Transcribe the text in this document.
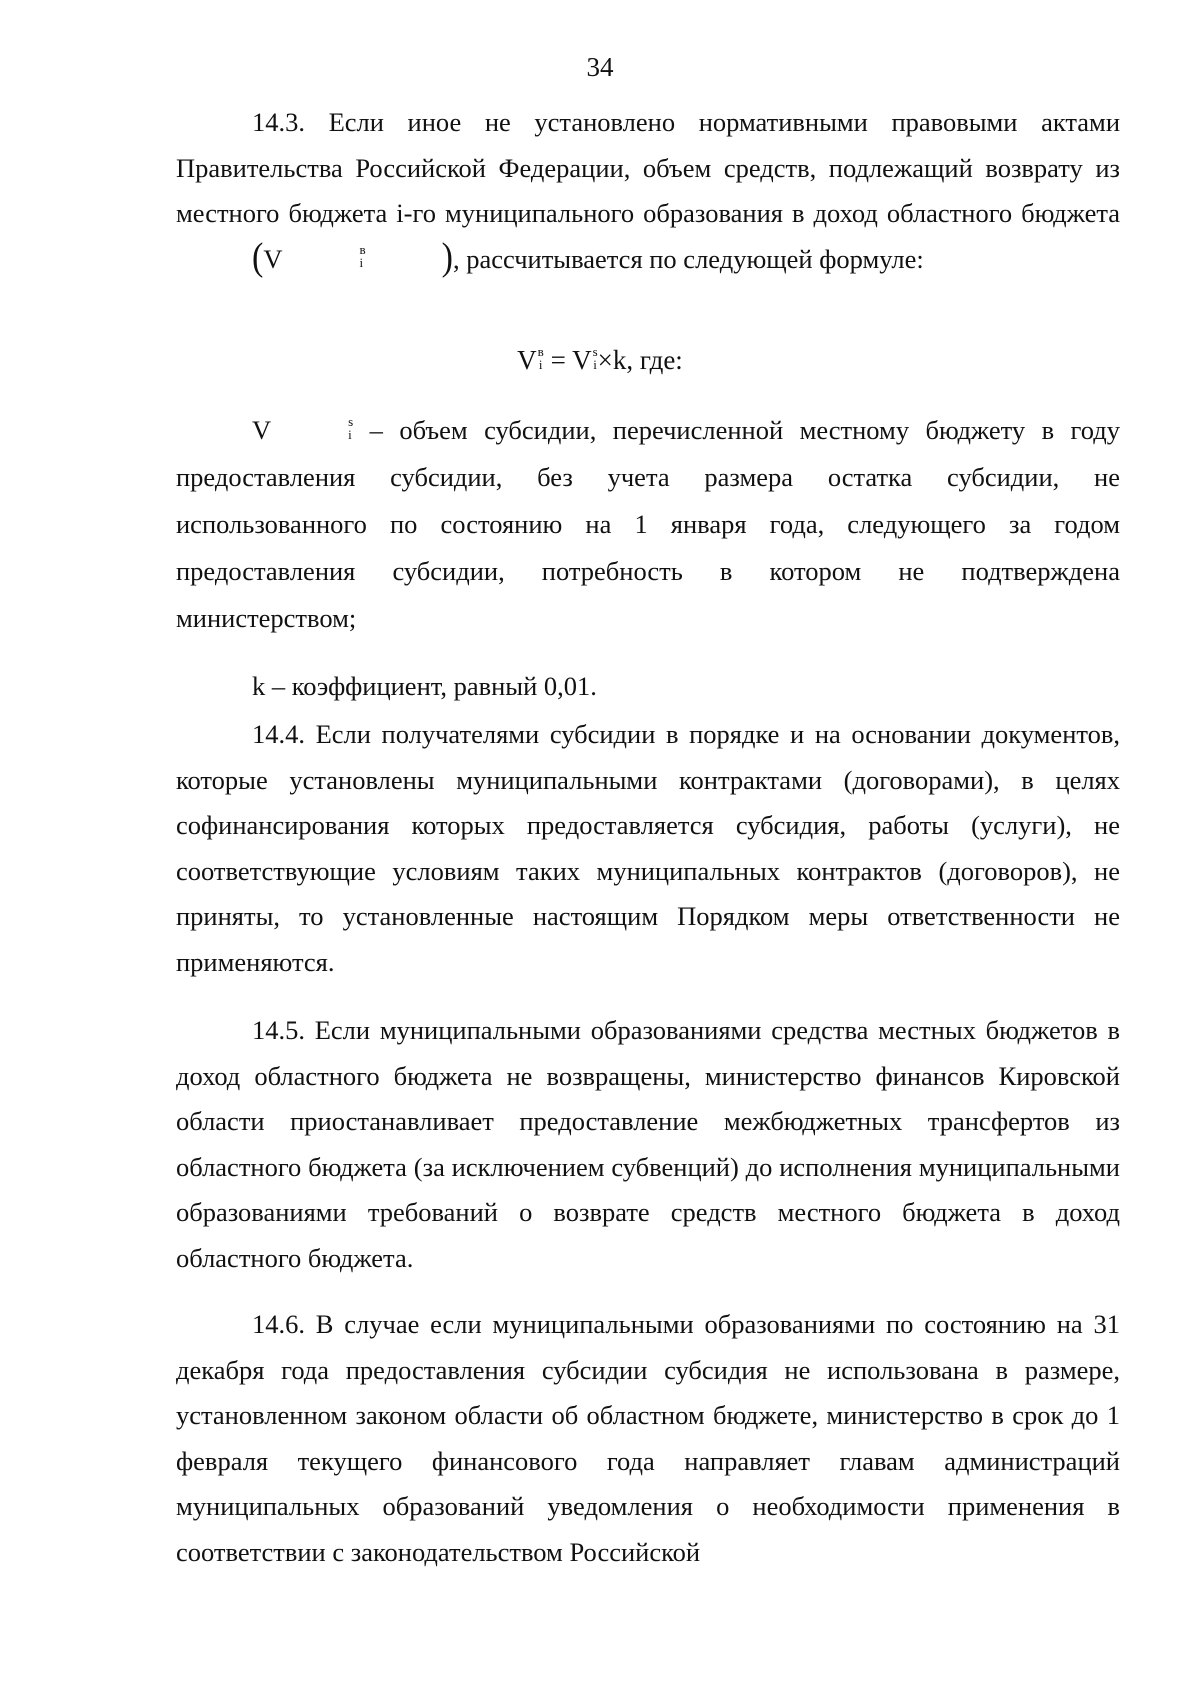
34

14.3. Если иное не установлено нормативными правовыми актами Правительства Российской Федерации, объем средств, подлежащий возврату из местного бюджета i-го муниципального образования в доход областного бюджета (V	в
i ), рассчитывается по следующей формуле:

V в
i = V s
i ×k, где:

V	s
i – объем субсидии, перечисленной местному бюджету в году предоставления субсидии, без учета размера остатка субсидии, не использованного по состоянию на 1 января года, следующего за годом предоставления субсидии, потребность в котором не подтверждена министерством;

k – коэффициент, равный 0,01.

14.4. Если получателями субсидии в порядке и на основании документов, которые установлены муниципальными контрактами (договорами), в целях софинансирования которых предоставляется субсидия, работы (услуги), не соответствующие условиям таких муниципальных контрактов (договоров), не приняты, то установленные настоящим Порядком меры ответственности не применяются.

14.5. Если муниципальными образованиями средства местных бюджетов в доход областного бюджета не возвращены, министерство финансов Кировской области приостанавливает предоставление межбюджетных трансфертов из областного бюджета (за исключением субвенций) до исполнения муниципальными образованиями требований о возврате средств местного бюджета в доход областного бюджета.

14.6. В случае если муниципальными образованиями по состоянию на 31 декабря года предоставления субсидии субсидия не использована в размере, установленном законом области об областном бюджете, министерство в срок до 1 февраля текущего финансового года направляет главам администраций муниципальных образований уведомления о необходимости применения в соответствии с законодательством Российской
